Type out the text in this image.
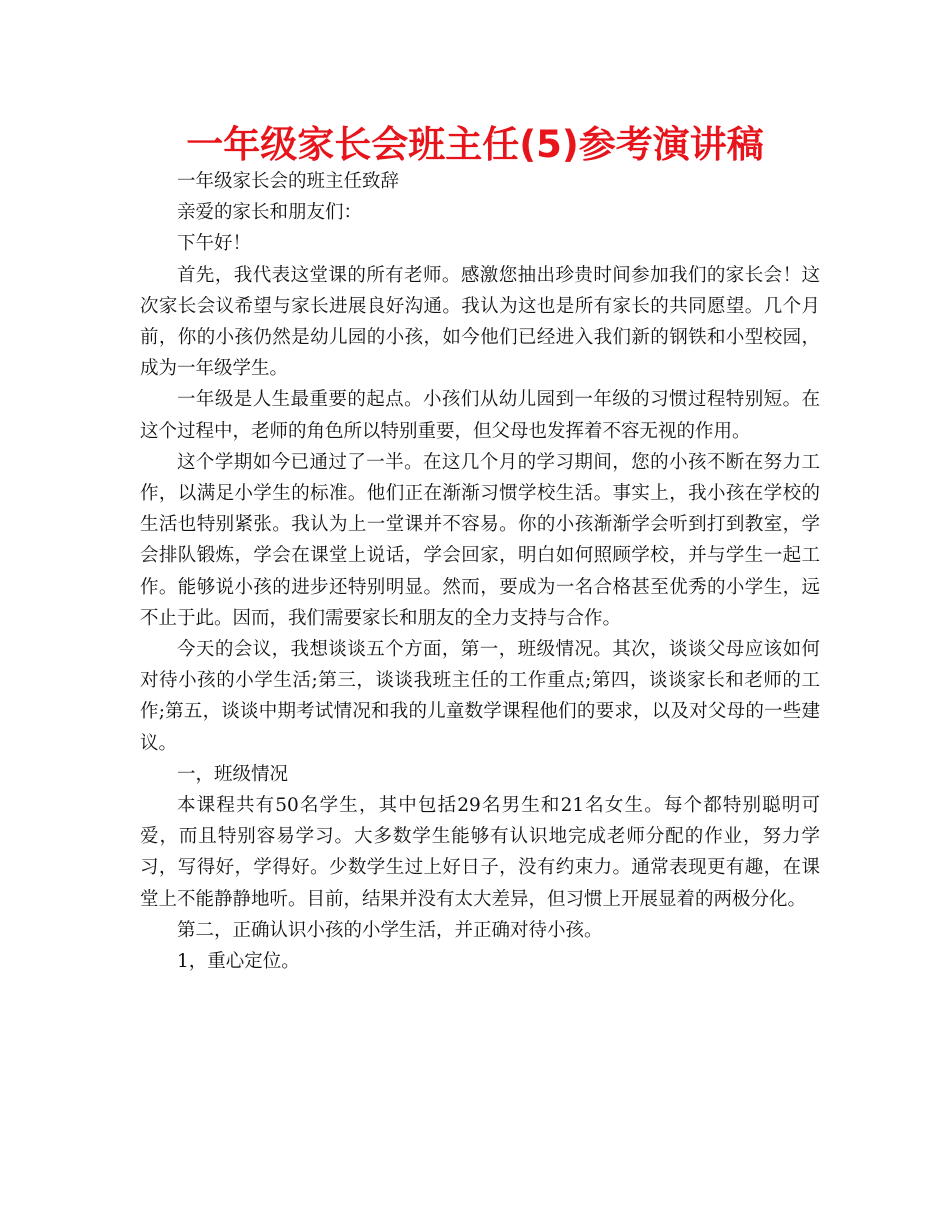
一年级家长会班主任(5)参考演讲稿

一年级家长会的班主任致辞

亲爱的家长和朋友们：

下午好！

首先，我代表这堂课的所有老师。感激您抽出珍贵时间参加我们的家长会！这次家长会议希望与家长进展良好沟通。我认为这也是所有家长的共同愿望。几个月前，你的小孩仍然是幼儿园的小孩，如今他们已经进入我们新的钢铁和小型校园，成为一年级学生。

一年级是人生最重要的起点。小孩们从幼儿园到一年级的习惯过程特别短。在这个过程中，老师的角色所以特别重要，但父母也发挥着不容无视的作用。

这个学期如今已通过了一半。在这几个月的学习期间，您的小孩不断在努力工作，以满足小学生的标准。他们正在渐渐习惯学校生活。事实上，我小孩在学校的生活也特别紧张。我认为上一堂课并不容易。你的小孩渐渐学会听到打到教室，学会排队锻炼，学会在课堂上说话，学会回家，明白如何照顾学校，并与学生一起工作。能够说小孩的进步还特别明显。然而，要成为一名合格甚至优秀的小学生，远不止于此。因而，我们需要家长和朋友的全力支持与合作。

今天的会议，我想谈谈五个方面，第一，班级情况。其次，谈谈父母应该如何对待小孩的小学生活;第三，谈谈我班主任的工作重点;第四，谈谈家长和老师的工作;第五，谈谈中期考试情况和我的儿童数学课程他们的要求，以及对父母的一些建议。

一，班级情况

本课程共有50名学生，其中包括29名男生和21名女生。每个都特别聪明可爱，而且特别容易学习。大多数学生能够有认识地完成老师分配的作业，努力学习，写得好，学得好。少数学生过上好日子，没有约束力。通常表现更有趣，在课堂上不能静静地听。目前，结果并没有太大差异，但习惯上开展显着的两极分化。

第二，正确认识小孩的小学生活，并正确对待小孩。

1，重心定位。
